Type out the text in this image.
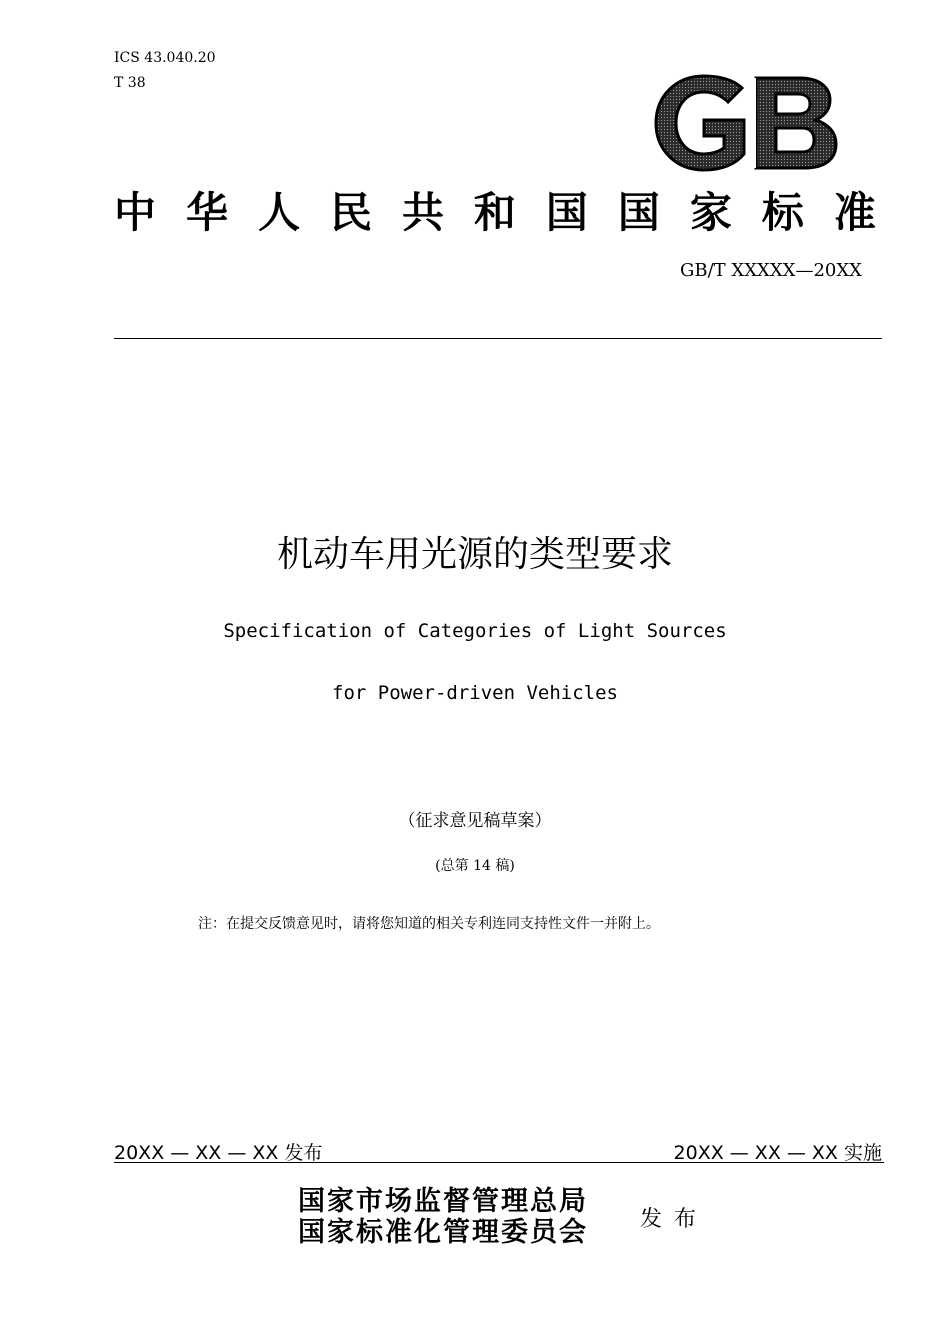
ICS 43.040.20
T 38
中 华 人 民 共 和 国 国 家 标 准
GB/T XXXXX—20XX
机动车用光源的类型要求
Specification of Categories of Light Sources
for Power-driven Vehicles
（征求意见稿草案）
(总第 14 稿)
注：在提交反馈意见时，请将您知道的相关专利连同支持性文件一并附上。
20XX — XX — XX 发布	20XX — XX — XX 实施
国家市场监督管理总局
国家标准化管理委员会 发布
